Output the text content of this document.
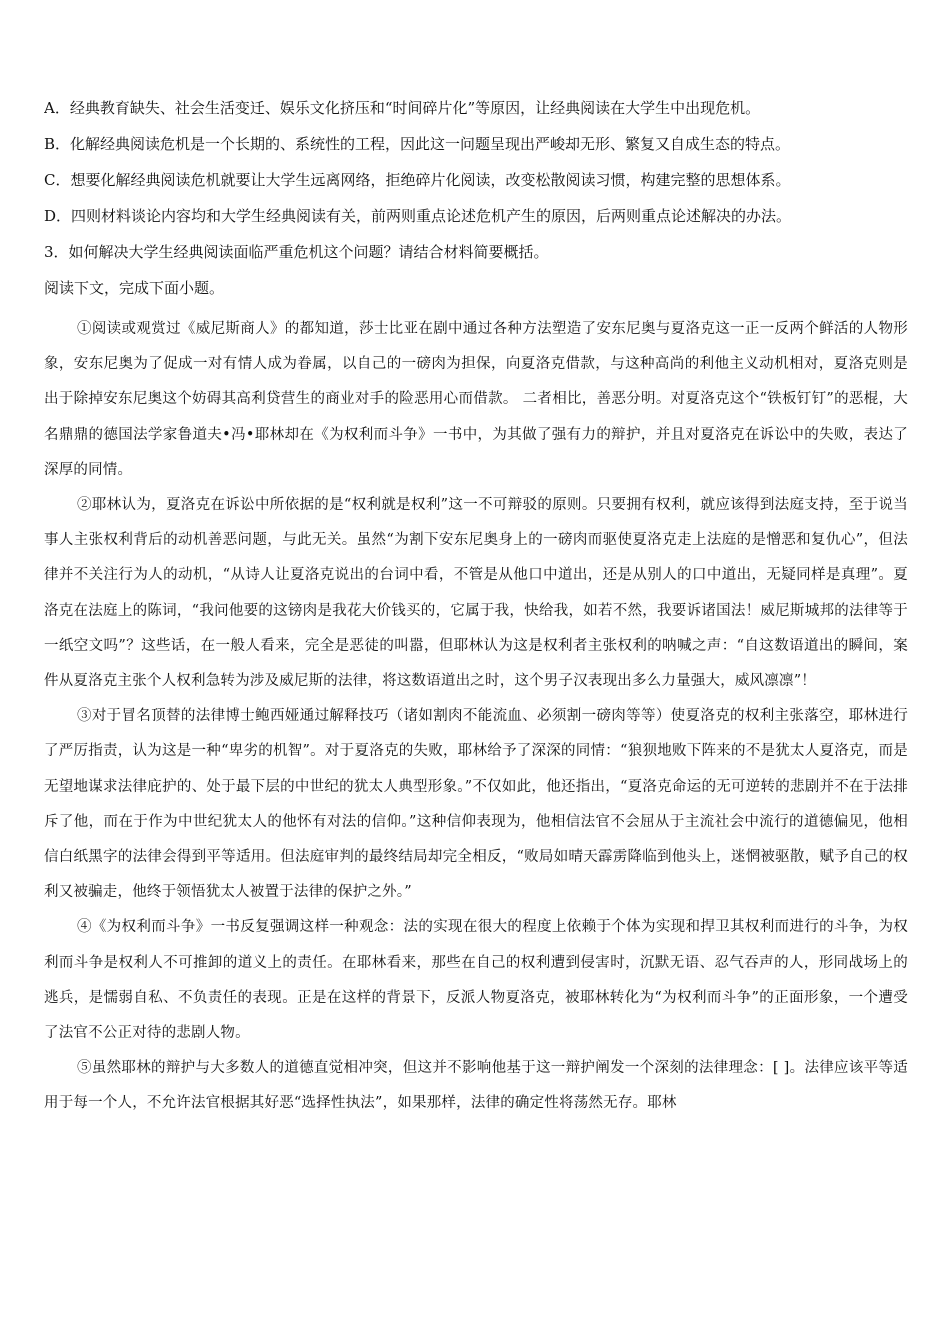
A．经典教育缺失、社会生活变迁、娱乐文化挤压和“时间碎片化”等原因，让经典阅读在大学生中出现危机。
B．化解经典阅读危机是一个长期的、系统性的工程，因此这一问题呈现出严峻却无形、繁复又自成生态的特点。
C．想要化解经典阅读危机就要让大学生远离网络，拒绝碎片化阅读，改变松散阅读习惯，构建完整的思想体系。
D．四则材料谈论内容均和大学生经典阅读有关，前两则重点论述危机产生的原因，后两则重点论述解决的办法。
3．如何解决大学生经典阅读面临严重危机这个问题？请结合材料简要概括。
阅读下文，完成下面小题。

①阅读或观赏过《威尼斯商人》的都知道，莎士比亚在剧中通过各种方法塑造了安东尼奥与夏洛克这一正一反两个鲜活的人物形象，安东尼奥为了促成一对有情人成为眷属，以自己的一磅肉为担保，向夏洛克借款，与这种高尚的利他主义动机相对，夏洛克则是出于除掉安东尼奥这个妨碍其高利贷营生的商业对手的险恶用心而借款。 二者相比，善恶分明。对夏洛克这个“铁板钉钉”的恶棍，大名鼎鼎的德国法学家鲁道夫•冯•耶林却在《为权利而斗争》一书中，为其做了强有力的辩护，并且对夏洛克在诉讼中的失败，表达了深厚的同情。

②耶林认为，夏洛克在诉讼中所依据的是“权利就是权利”这一不可辩驳的原则。只要拥有权利，就应该得到法庭支持，至于说当事人主张权利背后的动机善恶问题，与此无关。虽然“为割下安东尼奥身上的一磅肉而驱使夏洛克走上法庭的是憎恶和复仇心”，但法律并不关注行为人的动机，“从诗人让夏洛克说出的台词中看，不管是从他口中道出，还是从别人的口中道出，无疑同样是真理”。夏洛克在法庭上的陈词，“我问他要的这镑肉是我花大价钱买的，它属于我，快给我，如若不然，我要诉诸国法！威尼斯城邦的法律等于一纸空文吗”？这些话，在一般人看来，完全是恶徒的叫嚣，但耶林认为这是权利者主张权利的呐喊之声：“自这数语道出的瞬间，案件从夏洛克主张个人权利急转为涉及威尼斯的法律，将这数语道出之时，这个男子汉表现出多么力量强大，威风凛凛”！

③对于冒名顶替的法律博士鲍西娅通过解释技巧（诸如割肉不能流血、必须割一磅肉等等）使夏洛克的权利主张落空，耶林进行了严厉指责，认为这是一种“卑劣的机智”。对于夏洛克的失败，耶林给予了深深的同情：“狼狈地败下阵来的不是犹太人夏洛克，而是无望地谋求法律庇护的、处于最下层的中世纪的犹太人典型形象。”不仅如此，他还指出，“夏洛克命运的无可逆转的悲剧并不在于法排斥了他，而在于作为中世纪犹太人的他怀有对法的信仰。”这种信仰表现为，他相信法官不会屈从于主流社会中流行的道德偏见，他相信白纸黑字的法律会得到平等适用。但法庭审判的最终结局却完全相反，“败局如晴天霹雳降临到他头上，迷惘被驱散，赋予自己的权利又被骗走，他终于领悟犹太人被置于法律的保护之外。”

④《为权利而斗争》一书反复强调这样一种观念：法的实现在很大的程度上依赖于个体为实现和捍卫其权利而进行的斗争，为权利而斗争是权利人不可推卸的道义上的责任。在耶林看来，那些在自己的权利遭到侵害时，沉默无语、忍气吞声的人，形同战场上的逃兵，是懦弱自私、不负责任的表现。正是在这样的背景下，反派人物夏洛克，被耶林转化为“为权利而斗争”的正面形象，一个遭受了法官不公正对待的悲剧人物。

⑤虽然耶林的辩护与大多数人的道德直觉相冲突，但这并不影响他基于这一辩护阐发一个深刻的法律理念：[ ]。法律应该平等适用于每一个人，不允许法官根据其好恶“选择性执法”，如果那样，法律的确定性将荡然无存。耶林
